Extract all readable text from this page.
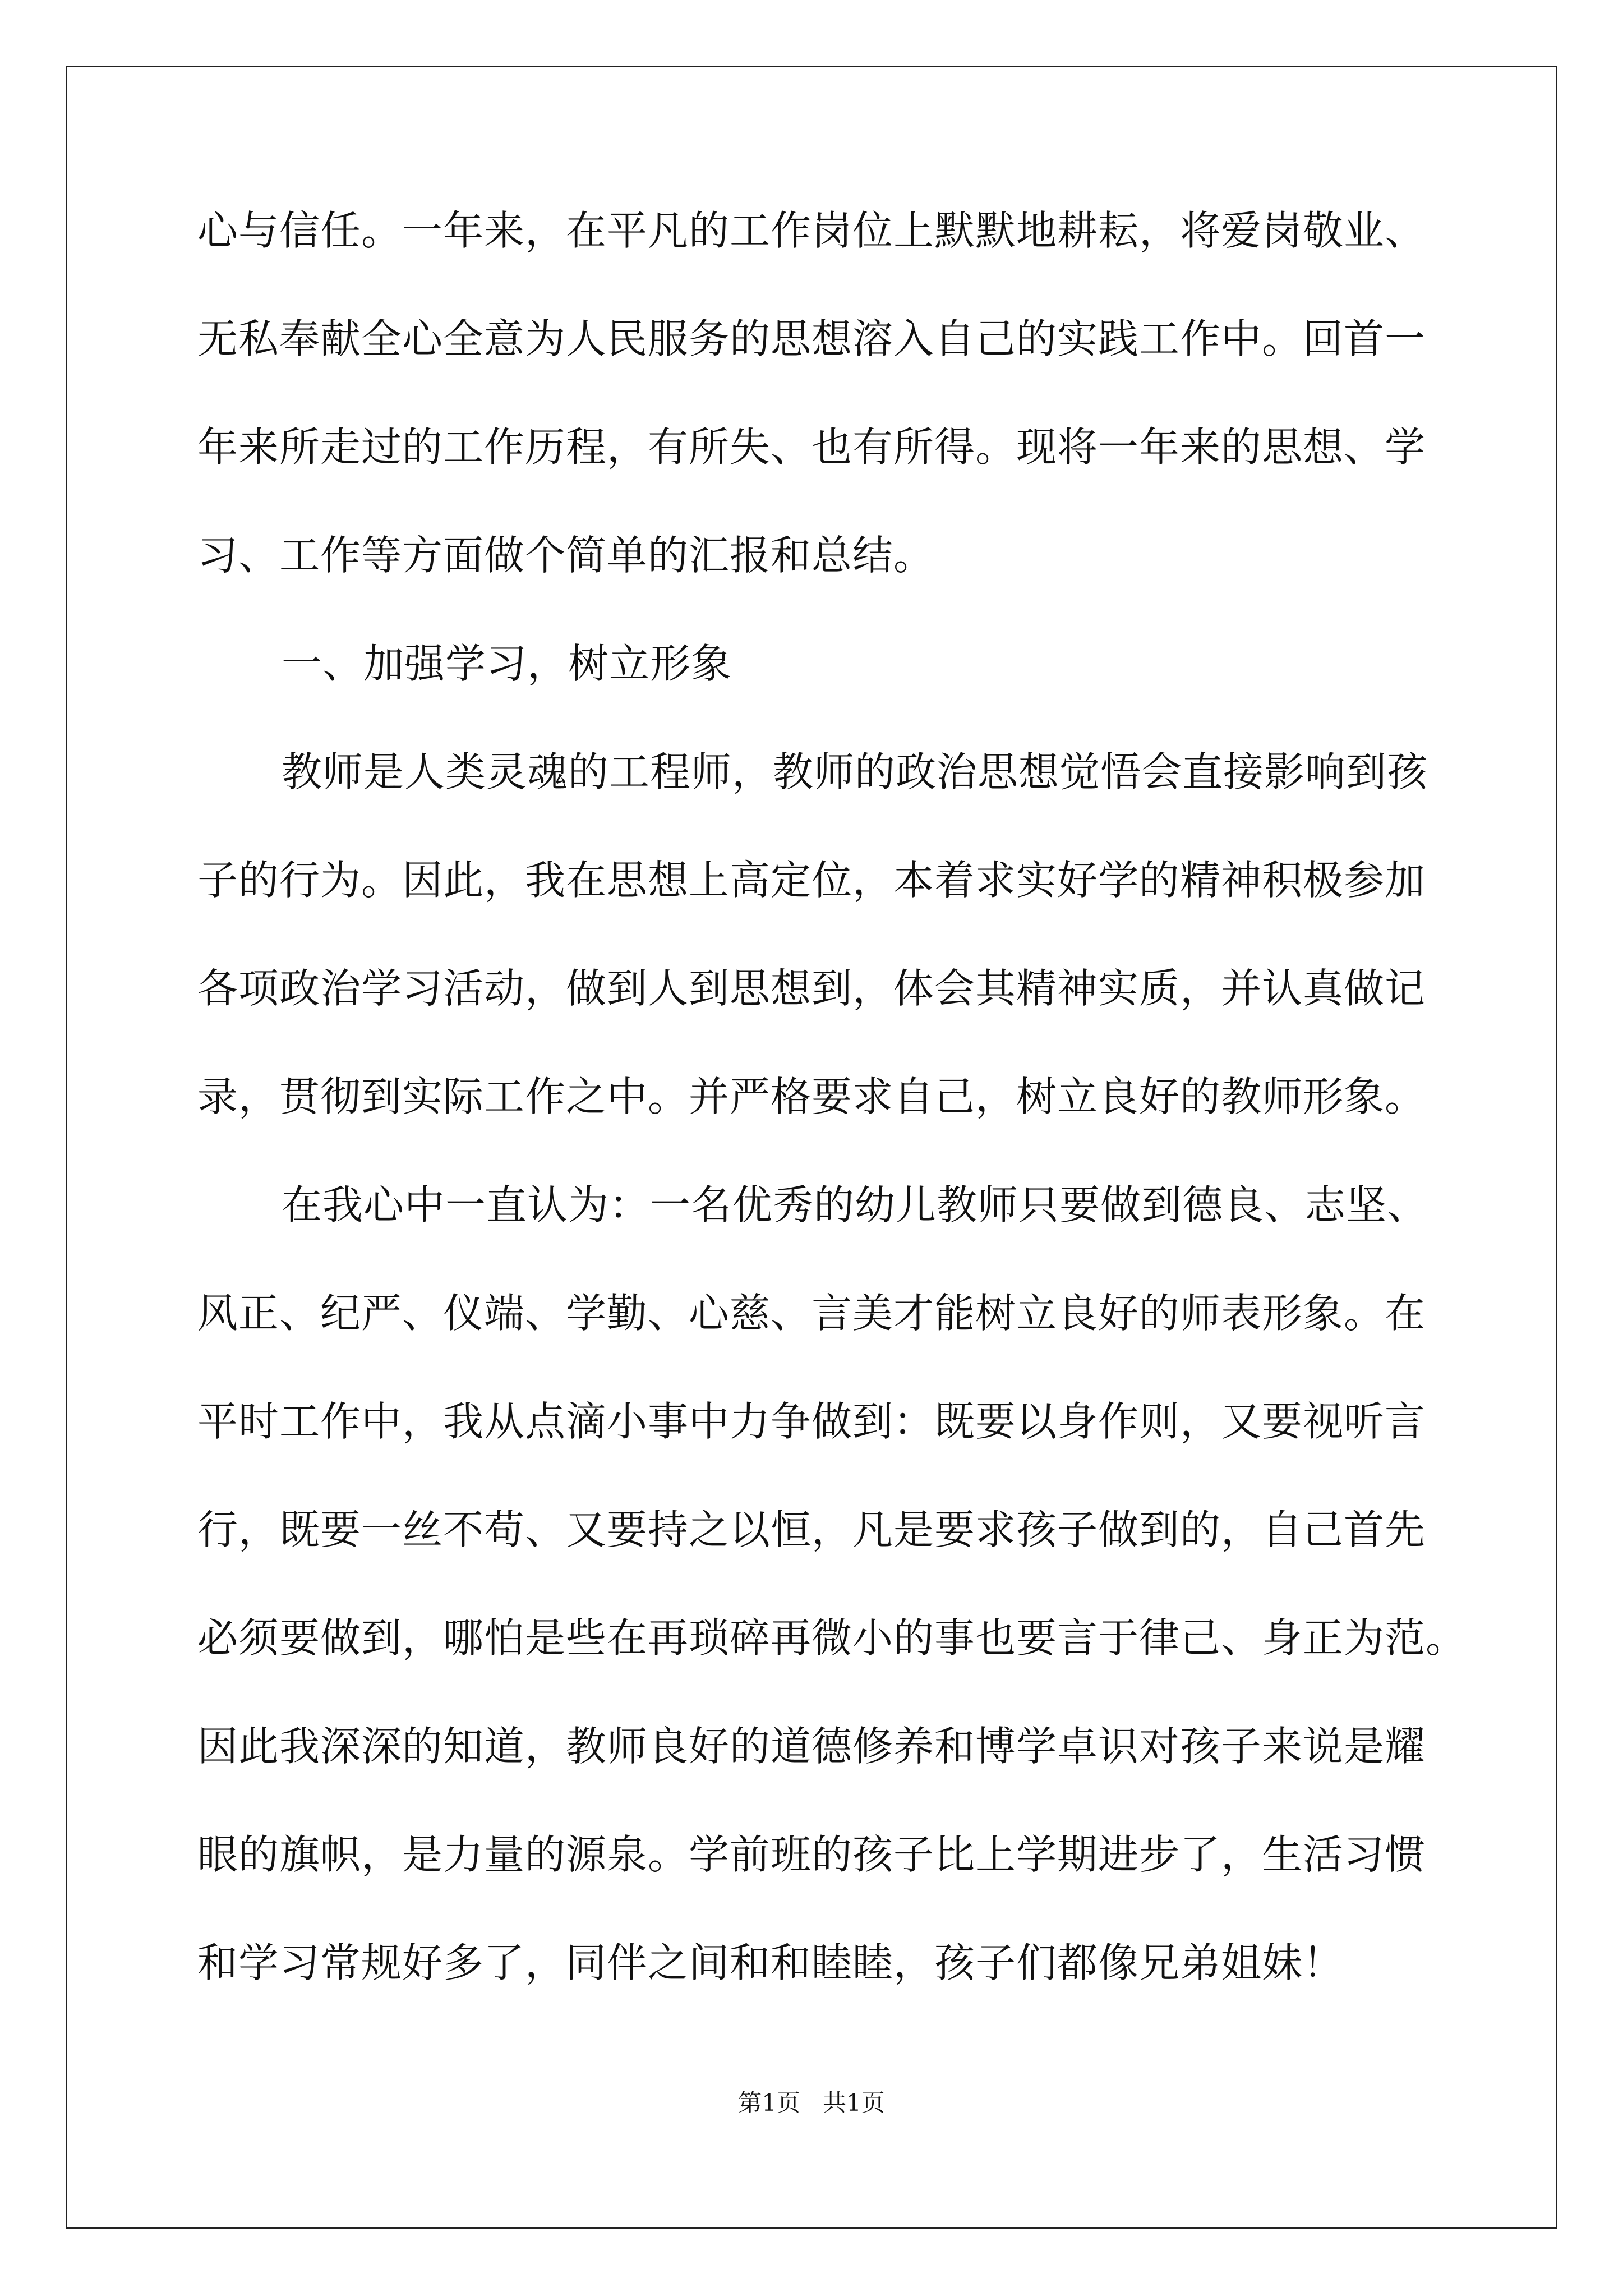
心与信任。一年来，在平凡的工作岗位上默默地耕耘，将爱岗敬业、
无私奉献全心全意为人民服务的思想溶入自己的实践工作中。回首一
年来所走过的工作历程，有所失、也有所得。现将一年来的思想、学
习、工作等方面做个简单的汇报和总结。
一、加强学习，树立形象
教师是人类灵魂的工程师，教师的政治思想觉悟会直接影响到孩
子的行为。因此，我在思想上高定位，本着求实好学的精神积极参加
各项政治学习活动，做到人到思想到，体会其精神实质，并认真做记
录，贯彻到实际工作之中。并严格要求自己，树立良好的教师形象。
在我心中一直认为：一名优秀的幼儿教师只要做到德良、志坚、
风正、纪严、仪端、学勤、心慈、言美才能树立良好的师表形象。在
平时工作中，我从点滴小事中力争做到：既要以身作则，又要视听言
行，既要一丝不苟、又要持之以恒，凡是要求孩子做到的，自己首先
必须要做到，哪怕是些在再琐碎再微小的事也要言于律己、身正为范。
因此我深深的知道，教师良好的道德修养和博学卓识对孩子来说是耀
眼的旗帜，是力量的源泉。学前班的孩子比上学期进步了，生活习惯
和学习常规好多了，同伴之间和和睦睦，孩子们都像兄弟姐妹！
第1页 共1页
